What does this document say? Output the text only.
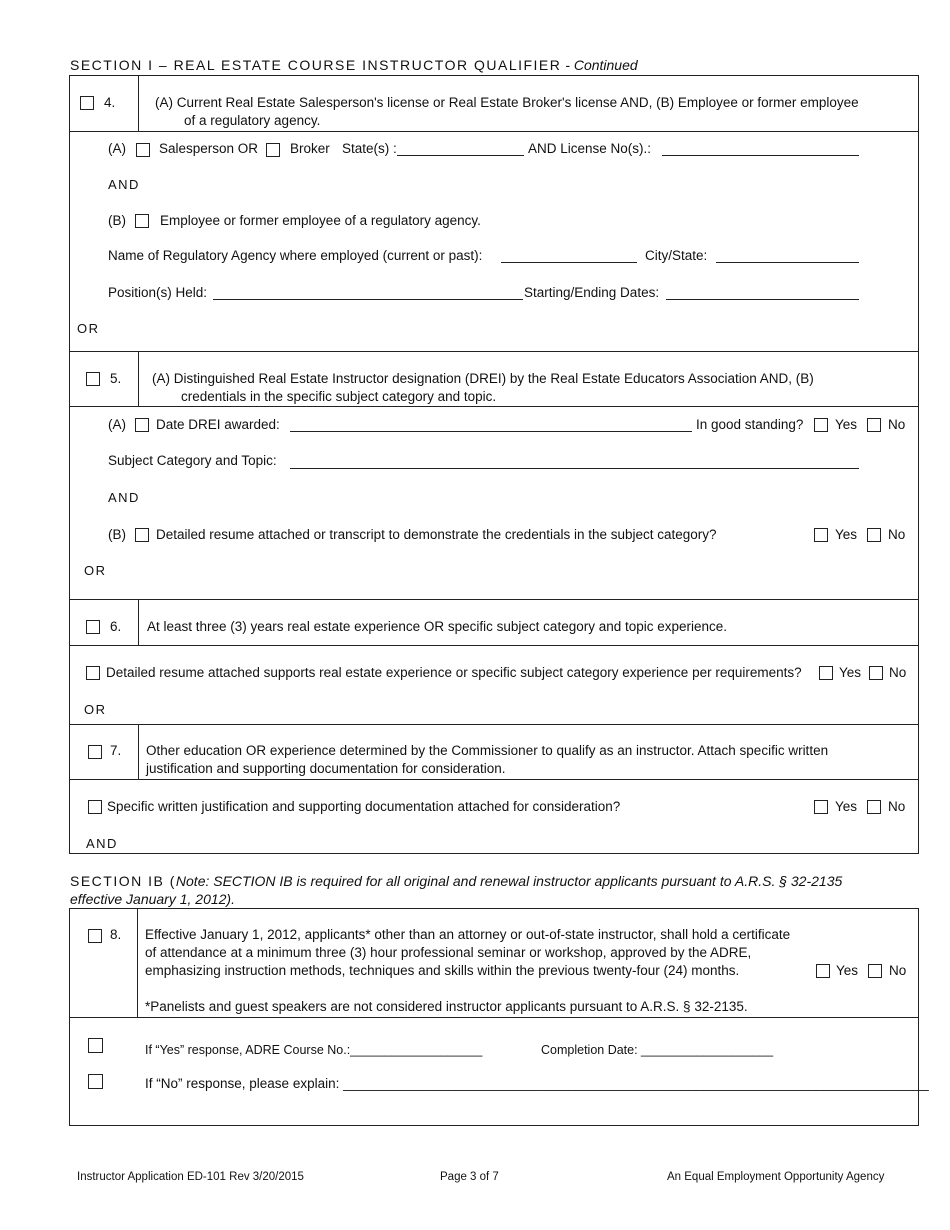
SECTION I – REAL ESTATE COURSE INSTRUCTOR QUALIFIER - Continued
4.	(A) Current Real Estate Salesperson's license or Real Estate Broker's license AND, (B) Employee or former employee
of a regulatory agency.
(A) Salesperson OR Broker State(s) :	AND License No(s).:
AND
(B)	Employee or former employee of a regulatory agency.
Name of Regulatory Agency where employed (current or past):	City/State:
Position(s) Held:	Starting/Ending Dates:
OR
5. (A) Distinguished Real Estate Instructor designation (DREI) by the Real Estate Educators Association AND, (B)
credentials in the specific subject category and topic.
(A) Date DREI awarded:	In good standing? Yes No
Subject Category and Topic:
AND
(B) Detailed resume attached or transcript to demonstrate the credentials in the subject category?	Yes No
OR
6. At least three (3) years real estate experience OR specific subject category and topic experience.
Detailed resume attached supports real estate experience or specific subject category experience per requirements?	Yes No
OR
7. Other education OR experience determined by the Commissioner to qualify as an instructor. Attach specific written
justification and supporting documentation for consideration.
Specific written justification and supporting documentation attached for consideration?	Yes No
AND
SECTION IB (Note: SECTION IB is required for all original and renewal instructor applicants pursuant to A.R.S. § 32-2135
effective January 1, 2012).
8. Effective January 1, 2012, applicants* other than an attorney or out-of-state instructor, shall hold a certificate
of attendance at a minimum three (3) hour professional seminar or workshop, approved by the ADRE,
emphasizing instruction methods, techniques and skills within the previous twenty-four (24) months.	Yes No
*Panelists and guest speakers are not considered instructor applicants pursuant to A.R.S. § 32-2135.
If “Yes” response, ADRE Course No.:___________________	Completion Date: ___________________
If “No” response, please explain: ______________________________________________________________________________
Instructor Application ED-101 Rev 3/20/2015	Page 3 of 7	An Equal Employment Opportunity Agency
